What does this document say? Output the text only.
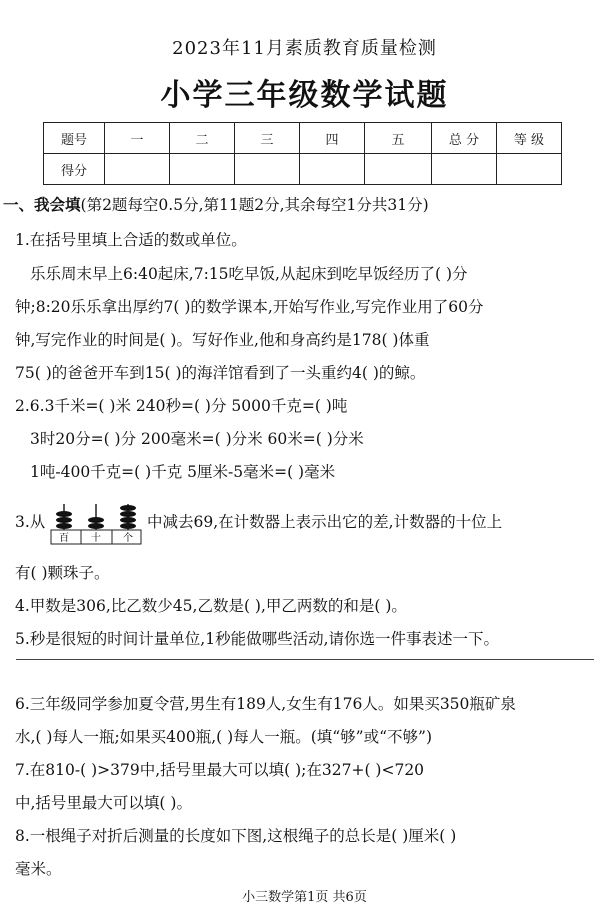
2023年11月素质教育质量检测
小学三年级数学试题
题号	一	二	三	四	五	总 分	等 级
得分							
一、我会填(第2题每空0.5分,第11题2分,其余每空1分共31分)
1.在括号里填上合适的数或单位。
乐乐周末早上6:40起床,7:15吃早饭,从起床到吃早饭经历了( )分
钟;8:20乐乐拿出厚约7( )的数学课本,开始写作业,写完作业用了60分
钟,写完作业的时间是( )。写好作业,他和身高约是178( )体重
75( )的爸爸开车到15( )的海洋馆看到了一头重约4( )的鲸。
2.6.3千米=( )米 240秒=( )分 5000千克=( )吨
3时20分=( )分 200毫米=( )分米 60米=( )分米
1吨-400千克=( )千克 5厘米-5毫米=( )毫米
3.从
百 十 个
中减去69,在计数器上表示出它的差,计数器的十位上
有( )颗珠子。
4.甲数是306,比乙数少45,乙数是( ),甲乙两数的和是( )。
5.秒是很短的时间计量单位,1秒能做哪些活动,请你选一件事表述一下。
6.三年级同学参加夏令营,男生有189人,女生有176人。如果买350瓶矿泉
水,( )每人一瓶;如果买400瓶,( )每人一瓶。(填“够”或“不够”)
7.在810-( )>379中,括号里最大可以填( );在327+( )<720
中,括号里最大可以填( )。
8.一根绳子对折后测量的长度如下图,这根绳子的总长是( )厘米( )
毫米。
小三数学第1页 共6页
